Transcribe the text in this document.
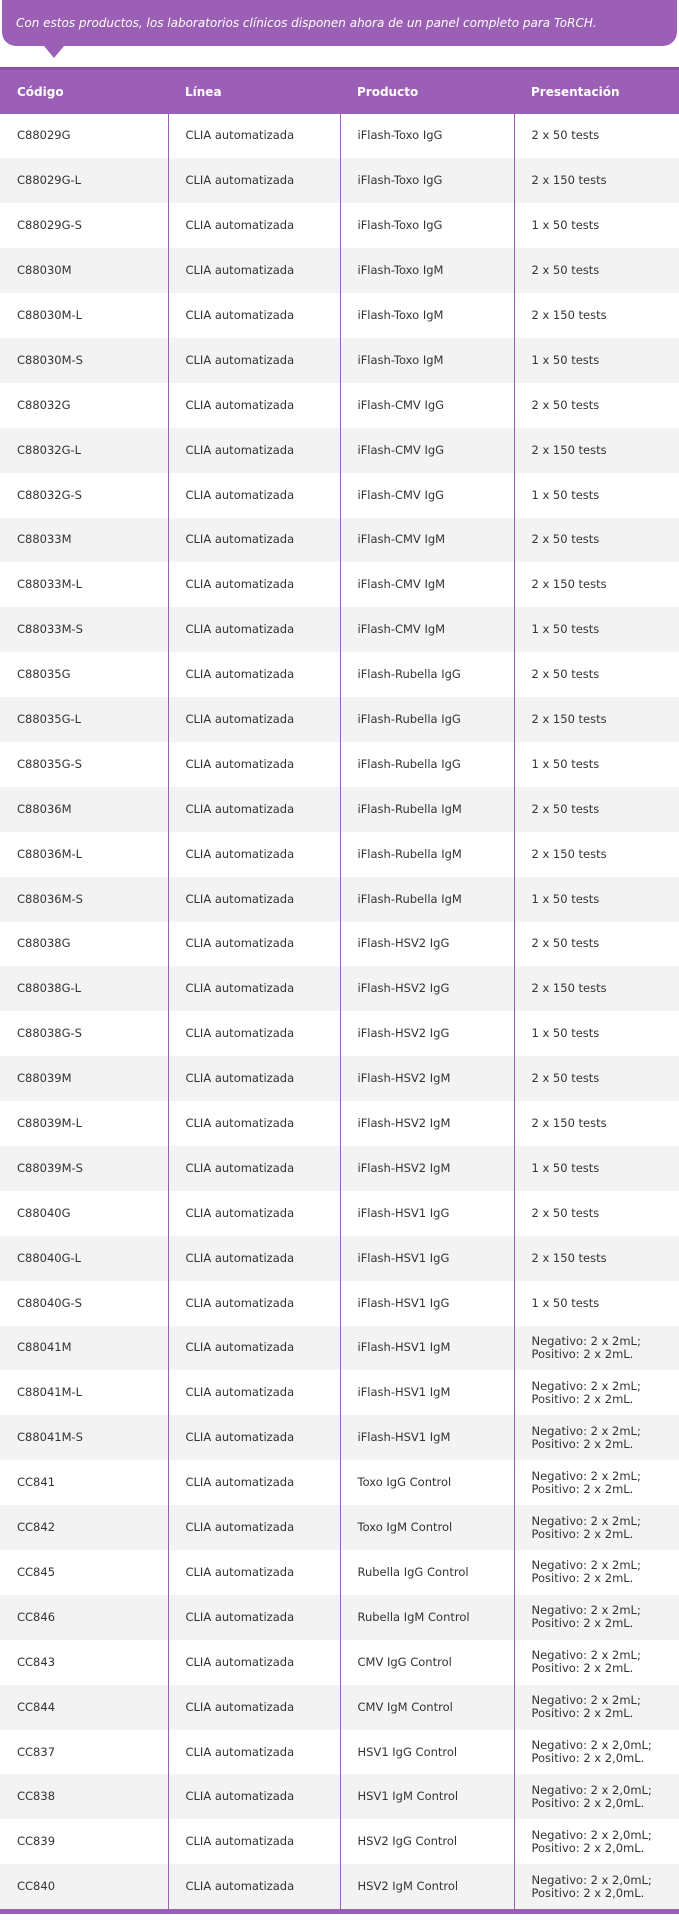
Con estos productos, los laboratorios clínicos disponen ahora de un panel completo para ToRCH.
Código	Línea	Producto	Presentación
C88029G	CLIA automatizada	iFlash-Toxo IgG	2 x 50 tests
C88029G-L	CLIA automatizada	iFlash-Toxo IgG	2 x 150 tests
C88029G-S	CLIA automatizada	iFlash-Toxo IgG	1 x 50 tests
C88030M	CLIA automatizada	iFlash-Toxo IgM	2 x 50 tests
C88030M-L	CLIA automatizada	iFlash-Toxo IgM	2 x 150 tests
C88030M-S	CLIA automatizada	iFlash-Toxo IgM	1 x 50 tests
C88032G	CLIA automatizada	iFlash-CMV IgG	2 x 50 tests
C88032G-L	CLIA automatizada	iFlash-CMV IgG	2 x 150 tests
C88032G-S	CLIA automatizada	iFlash-CMV IgG	1 x 50 tests
C88033M	CLIA automatizada	iFlash-CMV IgM	2 x 50 tests
C88033M-L	CLIA automatizada	iFlash-CMV IgM	2 x 150 tests
C88033M-S	CLIA automatizada	iFlash-CMV IgM	1 x 50 tests
C88035G	CLIA automatizada	iFlash-Rubella IgG	2 x 50 tests
C88035G-L	CLIA automatizada	iFlash-Rubella IgG	2 x 150 tests
C88035G-S	CLIA automatizada	iFlash-Rubella IgG	1 x 50 tests
C88036M	CLIA automatizada	iFlash-Rubella IgM	2 x 50 tests
C88036M-L	CLIA automatizada	iFlash-Rubella IgM	2 x 150 tests
C88036M-S	CLIA automatizada	iFlash-Rubella IgM	1 x 50 tests
C88038G	CLIA automatizada	iFlash-HSV2 IgG	2 x 50 tests
C88038G-L	CLIA automatizada	iFlash-HSV2 IgG	2 x 150 tests
C88038G-S	CLIA automatizada	iFlash-HSV2 IgG	1 x 50 tests
C88039M	CLIA automatizada	iFlash-HSV2 IgM	2 x 50 tests
C88039M-L	CLIA automatizada	iFlash-HSV2 IgM	2 x 150 tests
C88039M-S	CLIA automatizada	iFlash-HSV2 IgM	1 x 50 tests
C88040G	CLIA automatizada	iFlash-HSV1 IgG	2 x 50 tests
C88040G-L	CLIA automatizada	iFlash-HSV1 IgG	2 x 150 tests
C88040G-S	CLIA automatizada	iFlash-HSV1 IgG	1 x 50 tests
C88041M	CLIA automatizada	iFlash-HSV1 IgM	Negativo: 2 x 2mL;
Positivo: 2 x 2mL.
C88041M-L	CLIA automatizada	iFlash-HSV1 IgM	Negativo: 2 x 2mL;
Positivo: 2 x 2mL.
C88041M-S	CLIA automatizada	iFlash-HSV1 IgM	Negativo: 2 x 2mL;
Positivo: 2 x 2mL.
CC841	CLIA automatizada	Toxo IgG Control	Negativo: 2 x 2mL;
Positivo: 2 x 2mL.
CC842	CLIA automatizada	Toxo IgM Control	Negativo: 2 x 2mL;
Positivo: 2 x 2mL.
CC845	CLIA automatizada	Rubella IgG Control	Negativo: 2 x 2mL;
Positivo: 2 x 2mL.
CC846	CLIA automatizada	Rubella IgM Control	Negativo: 2 x 2mL;
Positivo: 2 x 2mL.
CC843	CLIA automatizada	CMV IgG Control	Negativo: 2 x 2mL;
Positivo: 2 x 2mL.
CC844	CLIA automatizada	CMV IgM Control	Negativo: 2 x 2mL;
Positivo: 2 x 2mL.
CC837	CLIA automatizada	HSV1 IgG Control	Negativo: 2 x 2,0mL;
Positivo: 2 x 2,0mL.
CC838	CLIA automatizada	HSV1 IgM Control	Negativo: 2 x 2,0mL;
Positivo: 2 x 2,0mL.
CC839	CLIA automatizada	HSV2 IgG Control	Negativo: 2 x 2,0mL;
Positivo: 2 x 2,0mL.
CC840	CLIA automatizada	HSV2 IgM Control	Negativo: 2 x 2,0mL;
Positivo: 2 x 2,0mL.
